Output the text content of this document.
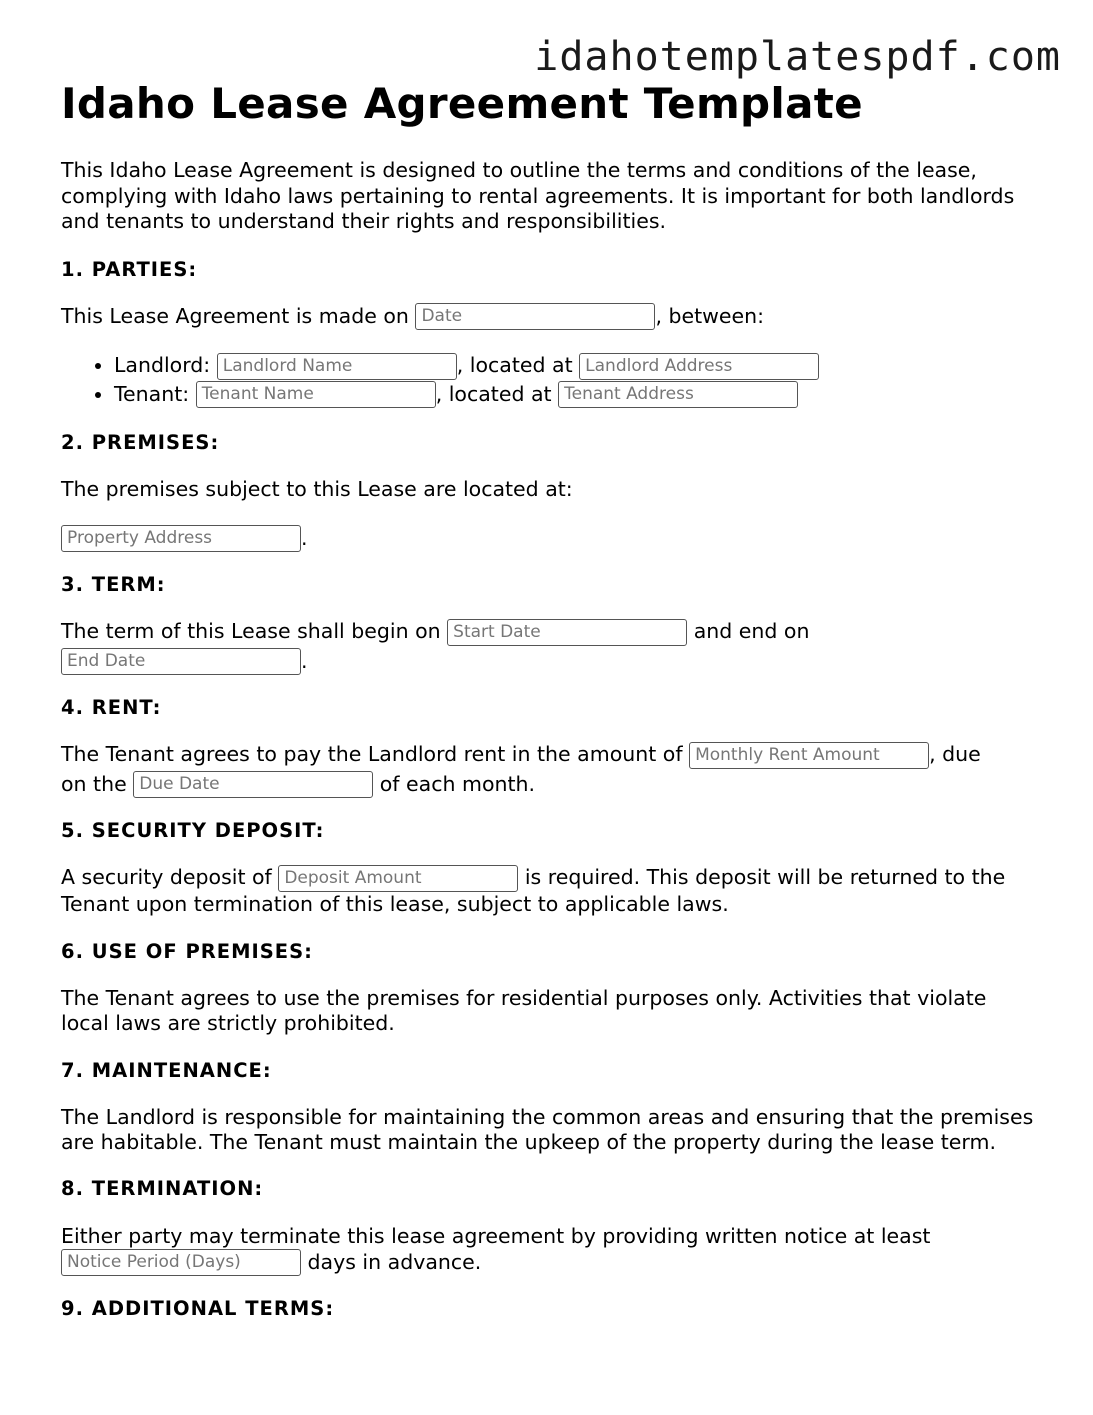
idahotemplatespdf.com
Idaho Lease Agreement Template

This Idaho Lease Agreement is designed to outline the terms and conditions of the lease, complying with Idaho laws pertaining to rental agreements. It is important for both landlords and tenants to understand their rights and responsibilities.

1. PARTIES:
This Lease Agreement is made on Date	, between:
• Landlord: Landlord Name	, located at Landlord Address
• Tenant: Tenant Name	, located at Tenant Address
2. PREMISES:

The premises subject to this Lease are located at:

Property Address	.
3. TERM:
The term of this Lease shall begin on Start Date	and end on
End Date	.
4. RENT:
The Tenant agrees to pay the Landlord rent in the amount of Monthly Rent Amount , due
on the Due Date	of each month.
5. SECURITY DEPOSIT:
A security deposit of Deposit Amount	is required. This deposit will be returned to the
Tenant upon termination of this lease, subject to applicable laws.
6. USE OF PREMISES:

The Tenant agrees to use the premises for residential purposes only. Activities that violate local laws are strictly prohibited.

7. MAINTENANCE:

The Landlord is responsible for maintaining the common areas and ensuring that the premises are habitable. The Tenant must maintain the upkeep of the property during the lease term.

8. TERMINATION:
Either party may terminate this lease agreement by providing written notice at least
Notice Period (Days)	days in advance.
9. ADDITIONAL TERMS:
